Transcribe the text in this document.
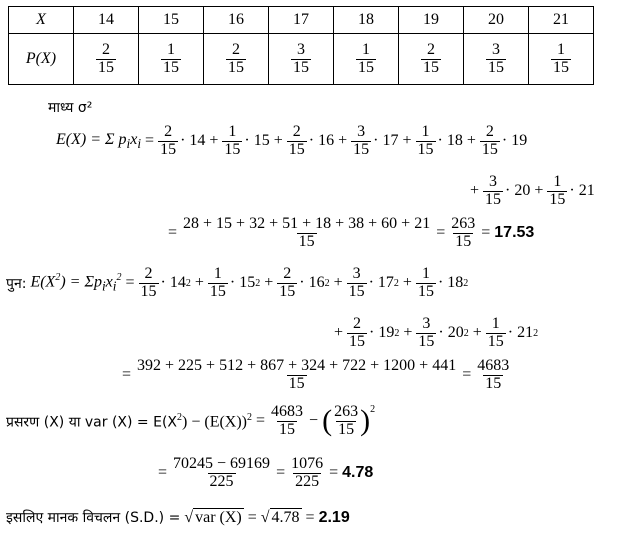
X	14	15	16	17	18	19	20	21
P(X)	$\frac{2}{15}$	$\frac{1}{15}$	$\frac{2}{15}$	$\frac{3}{15}$	$\frac{1}{15}$	$\frac{2}{15}$	$\frac{3}{15}$	$\frac{1}{15}$
माध्य σ²
E(X) = Σ $p_ix_i = \frac{2}{15} \cdot 14 + \frac{1}{15} \cdot 15 + \frac{2}{15} \cdot 16 + \frac{3}{15} \cdot 17 + \frac{1}{15} \cdot 18 + \frac{2}{15} \cdot 19$
+ $\frac{3}{15} \cdot 20 + \frac{1}{15} \cdot 21$
= $\frac{28 + 15 + 32 + 51 + 18 + 38 + 60 + 21}{15} = \frac{263}{15} = 17.53$
पुन: $E(X^2) = \Sigma p_ix_i^2 = \frac{2}{15} \cdot 14$ $2 + \frac{1}{15} \cdot 15$ $2 + \frac{2}{15} \cdot 16$ $2 + \frac{3}{15} \cdot 17$ $2 + \frac{1}{15} \cdot 18$ 2
+ $\frac{2}{15} \cdot 19$ $2 + \frac{3}{15} \cdot 20$ $2 + \frac{1}{15} \cdot 21$ 2
= $\frac{392 + 225 + 512 + 867 + 324 + 722 + 1200 + 441}{15} = \frac{4683}{15}$
प्रसरण (X) या var $(X) = E(X^2) - (E(X))^2 = \frac{4683}{15}$ − ( $\frac{263}{15} )^2$
= $\frac{70245 - 69169}{225} = \frac{1076}{225} = 4.78$
इसलिए मानक विचलन (S.D.) = √ var (X) =
√ 4.78 = 2.19
